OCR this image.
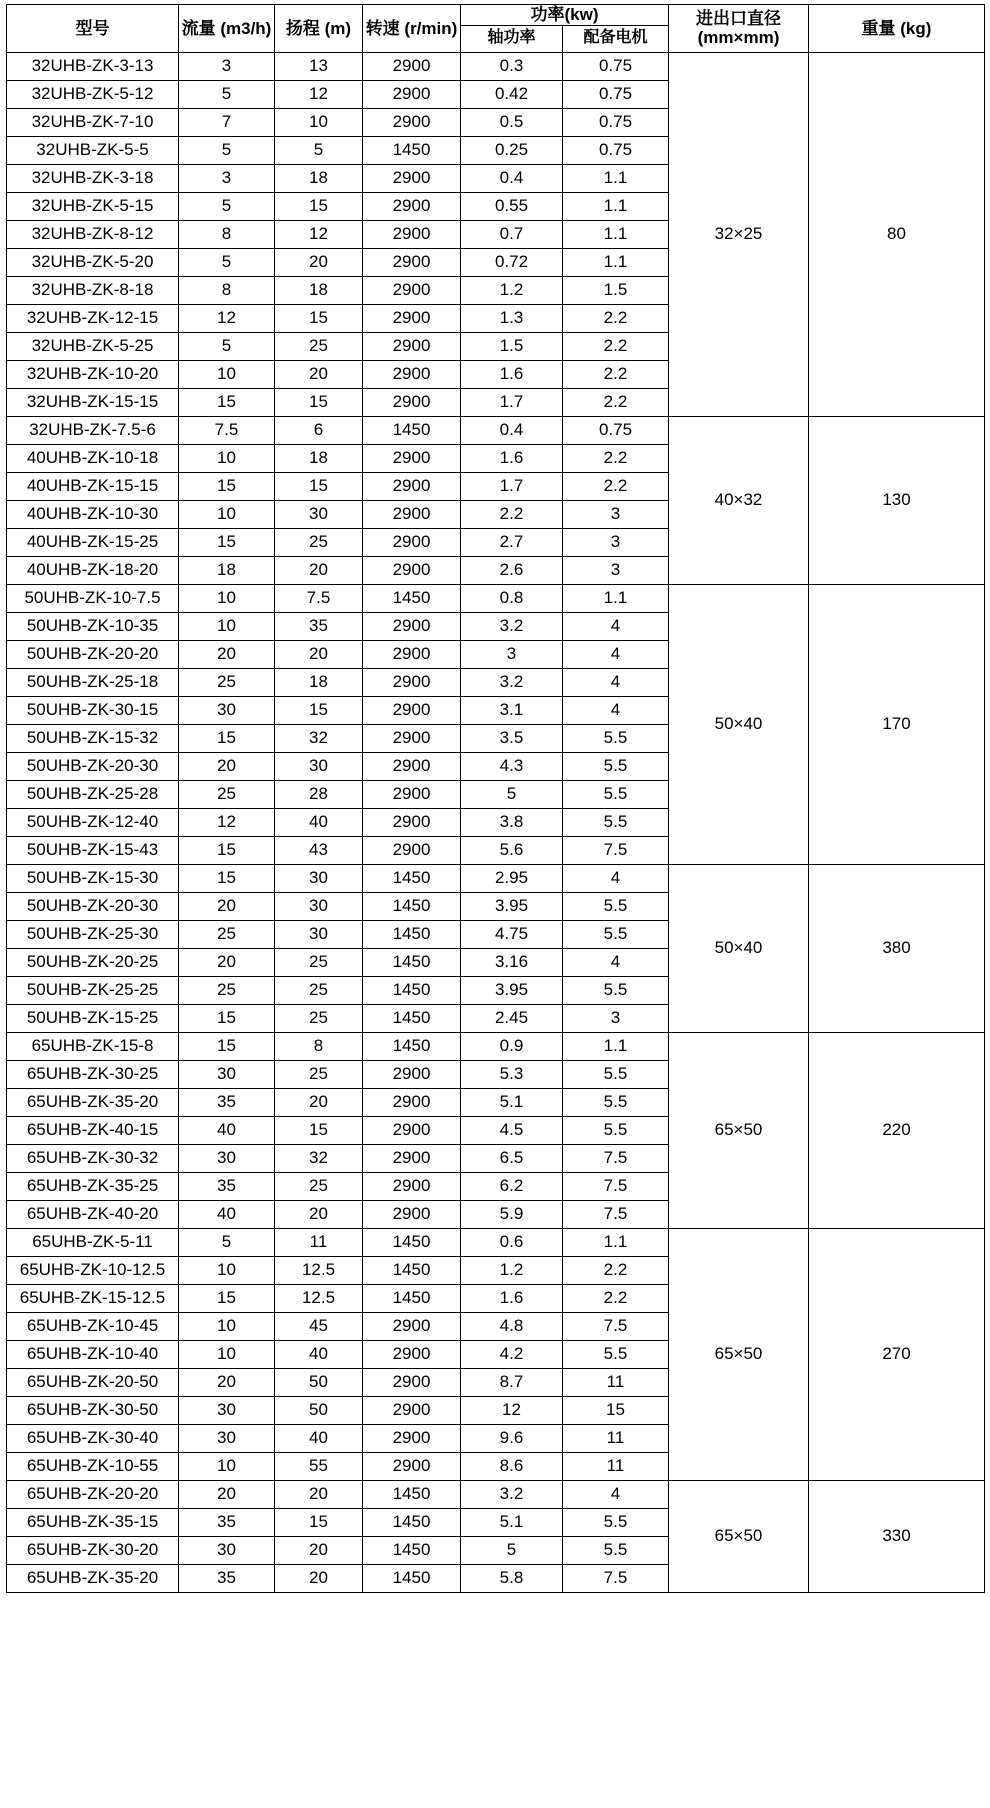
型号	流量 (m3/h)	扬程 (m)	转速 (r/min)	功率(kw)		进出口直径 (mm×mm)	重量 (kg)
				轴功率	配备电机		
32UHB-ZK-3-13	3	13	2900	0.3	0.75	32×25	80
32UHB-ZK-5-12	5	12	2900	0.42	0.75		
32UHB-ZK-7-10	7	10	2900	0.5	0.75		
32UHB-ZK-5-5	5	5	1450	0.25	0.75		
32UHB-ZK-3-18	3	18	2900	0.4	1.1		
32UHB-ZK-5-15	5	15	2900	0.55	1.1		
32UHB-ZK-8-12	8	12	2900	0.7	1.1		
32UHB-ZK-5-20	5	20	2900	0.72	1.1		
32UHB-ZK-8-18	8	18	2900	1.2	1.5		
32UHB-ZK-12-15	12	15	2900	1.3	2.2		
32UHB-ZK-5-25	5	25	2900	1.5	2.2		
32UHB-ZK-10-20	10	20	2900	1.6	2.2		
32UHB-ZK-15-15	15	15	2900	1.7	2.2		
32UHB-ZK-7.5-6	7.5	6	1450	0.4	0.75	40×32	130
40UHB-ZK-10-18	10	18	2900	1.6	2.2		
40UHB-ZK-15-15	15	15	2900	1.7	2.2		
40UHB-ZK-10-30	10	30	2900	2.2	3		
40UHB-ZK-15-25	15	25	2900	2.7	3		
40UHB-ZK-18-20	18	20	2900	2.6	3		
50UHB-ZK-10-7.5	10	7.5	1450	0.8	1.1	50×40	170
50UHB-ZK-10-35	10	35	2900	3.2	4		
50UHB-ZK-20-20	20	20	2900	3	4		
50UHB-ZK-25-18	25	18	2900	3.2	4		
50UHB-ZK-30-15	30	15	2900	3.1	4		
50UHB-ZK-15-32	15	32	2900	3.5	5.5		
50UHB-ZK-20-30	20	30	2900	4.3	5.5		
50UHB-ZK-25-28	25	28	2900	5	5.5		
50UHB-ZK-12-40	12	40	2900	3.8	5.5		
50UHB-ZK-15-43	15	43	2900	5.6	7.5		
50UHB-ZK-15-30	15	30	1450	2.95	4	50×40	380
50UHB-ZK-20-30	20	30	1450	3.95	5.5		
50UHB-ZK-25-30	25	30	1450	4.75	5.5		
50UHB-ZK-20-25	20	25	1450	3.16	4		
50UHB-ZK-25-25	25	25	1450	3.95	5.5		
50UHB-ZK-15-25	15	25	1450	2.45	3		
65UHB-ZK-15-8	15	8	1450	0.9	1.1	65×50	220
65UHB-ZK-30-25	30	25	2900	5.3	5.5		
65UHB-ZK-35-20	35	20	2900	5.1	5.5		
65UHB-ZK-40-15	40	15	2900	4.5	5.5		
65UHB-ZK-30-32	30	32	2900	6.5	7.5		
65UHB-ZK-35-25	35	25	2900	6.2	7.5		
65UHB-ZK-40-20	40	20	2900	5.9	7.5		
65UHB-ZK-5-11	5	11	1450	0.6	1.1	65×50	270
65UHB-ZK-10-12.5	10	12.5	1450	1.2	2.2		
65UHB-ZK-15-12.5	15	12.5	1450	1.6	2.2		
65UHB-ZK-10-45	10	45	2900	4.8	7.5		
65UHB-ZK-10-40	10	40	2900	4.2	5.5		
65UHB-ZK-20-50	20	50	2900	8.7	11		
65UHB-ZK-30-50	30	50	2900	12	15		
65UHB-ZK-30-40	30	40	2900	9.6	11		
65UHB-ZK-10-55	10	55	2900	8.6	11		
65UHB-ZK-20-20	20	20	1450	3.2	4	65×50	330
65UHB-ZK-35-15	35	15	1450	5.1	5.5		
65UHB-ZK-30-20	30	20	1450	5	5.5		
65UHB-ZK-35-20	35	20	1450	5.8	7.5		
